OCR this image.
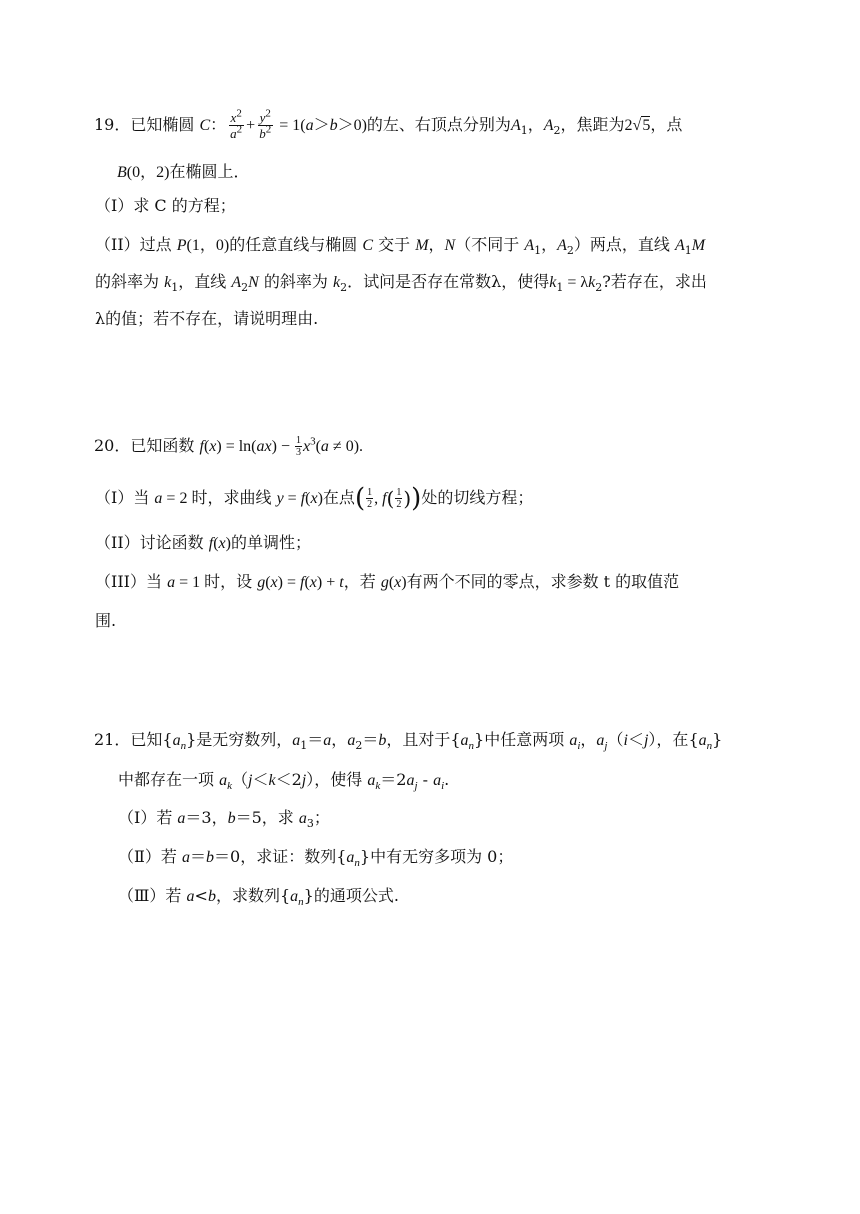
19．已知椭圆 C： $\frac{x^2}{a^2} + \frac{y^2}{b^2} = 1(a>b>0)$的左、右顶点分别为$A_1$，$A_2$，焦距为2√5，点
B(0，2)在椭圆上．
（I）求 C 的方程；
（II）过点 P(1，0)的任意直线与椭圆 C 交于 M，N（不同于 $A_1$，$A_2$）两点，直线 $A_1M$
的斜率为 $k_1$，直线 $A_2N$ 的斜率为 $k_2$．试问是否存在常数λ，使得$k_1 = \lambda k_2$?若存在，求出
λ的值；若不存在，请说明理由.
20．已知函数 $f(x) = \ln(ax) - \frac{1}{3} x^3(a \ne 0)$.
（I）当 a = 2 时，求曲线 y = f(x)在点( $\frac{1}{2}$ , $f( \frac{1}{2}$ ))处的切线方程；
（II）讨论函数 f(x)的单调性；
（III）当 a = 1 时，设 g(x) = f(x) + t，若 g(x)有两个不同的零点，求参数 t 的取值范
围.
21．已知$\{a_n\}$是无穷数列，$a_1=a$，$a_2=b$，且对于$\{a_n\}$中任意两项 $a_i$，$a_j(i<j)$，在$\{a_n\}$
中都存在一项 $a_k(j<k<2j)$，使得 $a_k=2a_j - a_i$.
（Ⅰ）若 a＝3，b＝5，求 $a_3$；
（Ⅱ）若 a＝b＝0，求证：数列$\{a_n\}$中有无穷多项为 0；
（Ⅲ）若 a<b，求数列$\{a_n\}$的通项公式.
